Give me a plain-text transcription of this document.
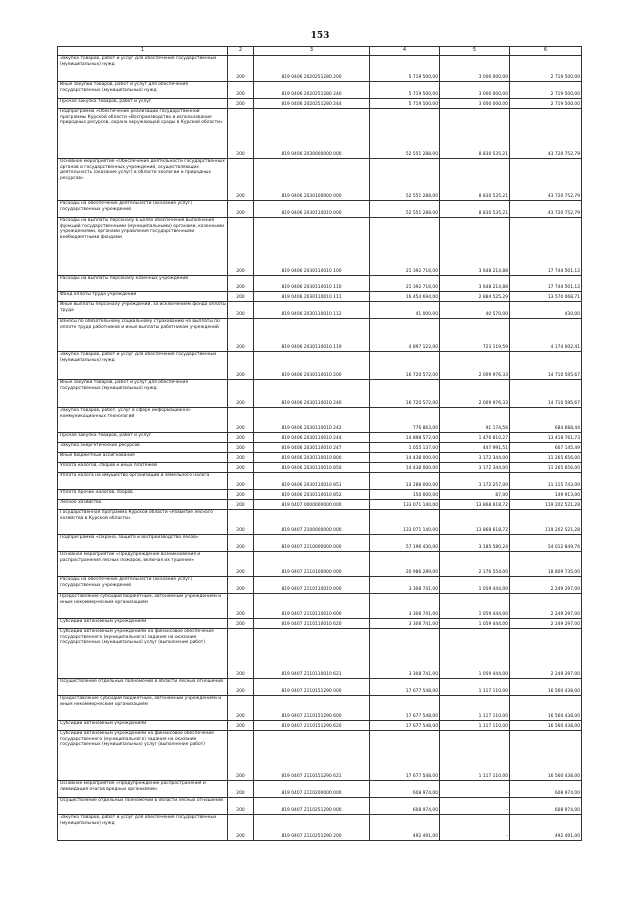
153
1	2	3	4	5	6
Закупка товаров, работ и услуг для обеспечения государственных (муниципальных) нужд	200	819 0406 2020251280 200	5 719 500,00	3 000 000,00	2 719 500,00
Иные закупки товаров, работ и услуг для обеспечения государственных (муниципальных) нужд	200	819 0406 2020251280 240	5 719 500,00	3 000 000,00	2 719 500,00
Прочая закупка товаров, работ и услуг	200	819 0406 2020251280 244	5 719 500,00	3 000 000,00	2 719 500,00
Подпрограмма «Обеспечение реализации государственной программы Курской области «Воспроизводство и использование природных ресурсов, охрана окружающей среды в Курской области»	200	819 0406 2030000000 000	52 551 288,00	8 830 535,21	43 720 752,79
Основное мероприятие «Обеспечение деятельности государственных органов и государственных учреждений, осуществляющих деятельность (оказание услуг) в области экологии и природных ресурсов»	200	819 0406 2030100000 000	52 551 288,00	8 830 535,21	43 720 752,79
Расходы на обеспечение деятельности (оказание услуг) государственных учреждений	200	819 0406 2030110010 000	52 551 288,00	8 830 535,21	43 720 752,79
Расходы на выплаты персоналу в целях обеспечения выполнения функций государственными (муниципальными) органами, казенными учреждениями, органами управления государственными внебюджетными фондами	200	819 0406 2030110010 100	21 392 716,00	3 648 214,88	17 744 501,12
Расходы на выплаты персоналу казенных учреждений	200	819 0406 2030110010 110	21 392 716,00	3 648 214,88	17 744 501,12
Фонд оплаты труда учреждений	200	819 0406 2030110010 111	16 454 694,00	2 884 525,29	13 570 068,71
Иные выплаты персоналу учреждений, за исключением фонда оплаты труда	200	819 0406 2030110010 112	41 000,00	40 570,00	430,00
Взносы по обязательному социальному страхованию на выплаты по оплате труда работников и иные выплаты работникам учреждений	200	819 0406 2030110010 119	4 897 122,00	723 119,59	4 174 002,41
Закупка товаров, работ и услуг для обеспечения государственных (муниципальных) нужд	200	819 0406 2030110010 200	16 720 572,00	2 009 976,33	14 710 595,67
Иные закупки товаров, работ и услуг для обеспечения государственных (муниципальных) нужд	200	819 0406 2030110010 240	16 720 572,00	2 009 976,33	14 710 595,67
Закупка товаров, работ, услуг в сфере информационно-коммуникационных технологий	200	819 0406 2030110010 242	776 863,00	91 174,56	684 688,44
Прочая закупка товаров, работ и услуг	200	819 0406 2030110010 244	14 898 572,00	1 470 810,27	13 418 761,73
Закупка энергетических ресурсов	200	819 0406 2030110010 247	1 055 137,00	447 991,51	607 145,49
Иные бюджетные ассигнования	200	819 0406 2030110010 800	14 438 000,00	3 172 344,00	11 265 656,00
Уплата налогов, сборов и иных платежей	200	819 0406 2030110010 850	14 438 000,00	3 172 344,00	11 265 656,00
Уплата налога на имущество организаций и земельного налога	200	819 0406 2030110010 851	14 288 000,00	3 172 257,00	11 115 743,00
Уплата прочих налогов, сборов	200	819 0406 2030110010 852	150 000,00	87,00	149 913,00
Лесное хозяйство	200	819 0407 0000000000 000	133 071 140,00	13 868 618,72	119 202 521,28
Государственная программа Курской области «Развитие лесного хозяйства в Курской области»	200	819 0407 2100000000 000	133 071 140,00	13 868 618,72	119 202 521,28
Подпрограмма «Охрана, защита и воспроизводство лесов»	200	819 0407 2110000000 000	57 196 430,00	3 185 580,24	54 012 849,76
Основное мероприятие «Предупреждение возникновения и распространения лесных пожаров, включая их тушение»	200	819 0407 2110100000 000	20 986 289,00	2 176 554,00	18 809 735,00
Расходы на обеспечение деятельности (оказание услуг) государственных учреждений	200	819 0407 2110110010 000	3 308 741,00	1 059 444,00	2 249 297,00
Предоставление субсидий бюджетным, автономным учреждениям и иным некоммерческим организациям	200	819 0407 2110110010 600	3 308 741,00	1 059 444,00	2 249 297,00
Субсидии автономным учреждениям	200	819 0407 2110110010 620	3 308 741,00	1 059 444,00	2 249 297,00
Субсидии автономным учреждениям на финансовое обеспечение государственного (муниципального) задания на оказание государственных (муниципальных) услуг (выполнение работ)	200	819 0407 2110110010 621	3 308 741,00	1 059 444,00	2 249 297,00
Осуществление отдельных полномочий в области лесных отношений	200	819 0407 2110151290 000	17 677 548,00	1 117 110,00	16 560 438,00
Предоставление субсидий бюджетным, автономным учреждениям и иным некоммерческим организациям	200	819 0407 2110151290 600	17 677 548,00	1 117 110,00	16 560 438,00
Субсидии автономным учреждениям	200	819 0407 2110151290 620	17 677 548,00	1 117 110,00	16 560 438,00
Субсидии автономным учреждениям на финансовое обеспечение государственного (муниципального) задания на оказание государственных (муниципальных) услуг (выполнение работ)	200	819 0407 2110151290 621	17 677 548,00	1 117 110,00	16 560 438,00
Основное мероприятие «Предупреждение распространения и ликвидация очагов вредных организмов»	200	819 0407 2110200000 000	608 974,00	-	608 974,00
Осуществление отдельных полномочий в области лесных отношений	200	819 0407 2110251290 000	608 974,00	-	608 974,00
Закупка товаров, работ и услуг для обеспечения государственных (муниципальных) нужд	200	819 0407 2110251290 200	492 491,00	-	492 491,00
